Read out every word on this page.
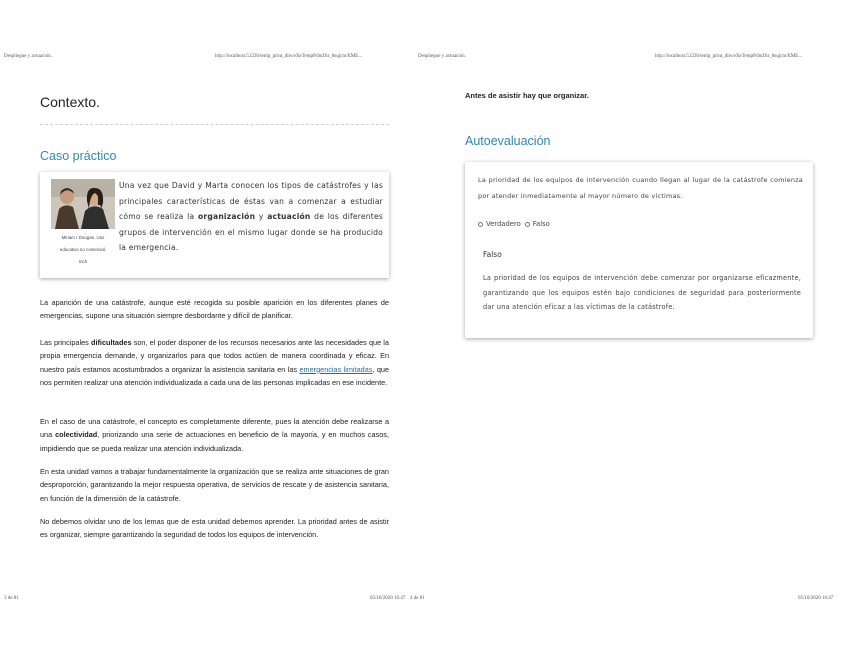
Despliegue y actuación.	http://localhost:51236/temp_print_dirs/eXeTempPrintDir_8sqjcm/EME...	Despliegue y actuación.	http://localhost:51236/temp_print_dirs/eXeTempPrintDir_8sqjcm/EME...
Contexto.
Caso práctico
Miriam r Dougan, Uso
educativo no comercial,
Inch
Una vez que David y Marta conocen los tipos de catástrofes y las principales características de éstas van a comenzar a estudiar cómo se realiza la organización y actuación de los diferentes grupos de intervención en el mismo lugar donde se ha producido la emergencia.
La aparición de una catástrofe, aunque esté recogida su posible aparición en los diferentes planes de emergencias, supone una situación siempre desbordante y difícil de planificar.
Las principales dificultades son, el poder disponer de los recursos necesarios ante las necesidades que la propia emergencia demande, y organizarlos para que todos actúen de manera coordinada y eficaz. En nuestro país estamos acostumbrados a organizar la asistencia sanitaria en las emergencias limitadas, que nos permiten realizar una atención individualizada a cada una de las personas implicadas en ese incidente.
En el caso de una catástrofe, el concepto es completamente diferente, pues la atención debe realizarse a una colectividad, priorizando una serie de actuaciones en beneficio de la mayoría, y en muchos casos, impidiendo que se pueda realizar una atención individualizada.
En esta unidad vamos a trabajar fundamentalmente la organización que se realiza ante situaciones de gran desproporción, garantizando la mejor respuesta operativa, de servicios de rescate y de asistencia sanitaria, en función de la dimensión de la catástrofe.
No debemos olvidar uno de los lemas que de esta unidad debemos aprender. La prioridad antes de asistir es organizar, siempre garantizando la seguridad de todos los equipos de intervención.
Antes de asistir hay que organizar.
Autoevaluación
La prioridad de los equipos de intervención cuando llegan al lugar de la catástrofe comienza por atender inmediatamente al mayor número de víctimas.
Verdadero Falso
Falso
La prioridad de los equipos de intervención debe comenzar por organizarse eficazmente, garantizando que los equipos estén bajo condiciones de seguridad para posteriormente dar una atención eficaz a las víctimas de la catástrofe.
3 de 81	05/10/2020 16:47 4 de 81	05/10/2020 16:47
